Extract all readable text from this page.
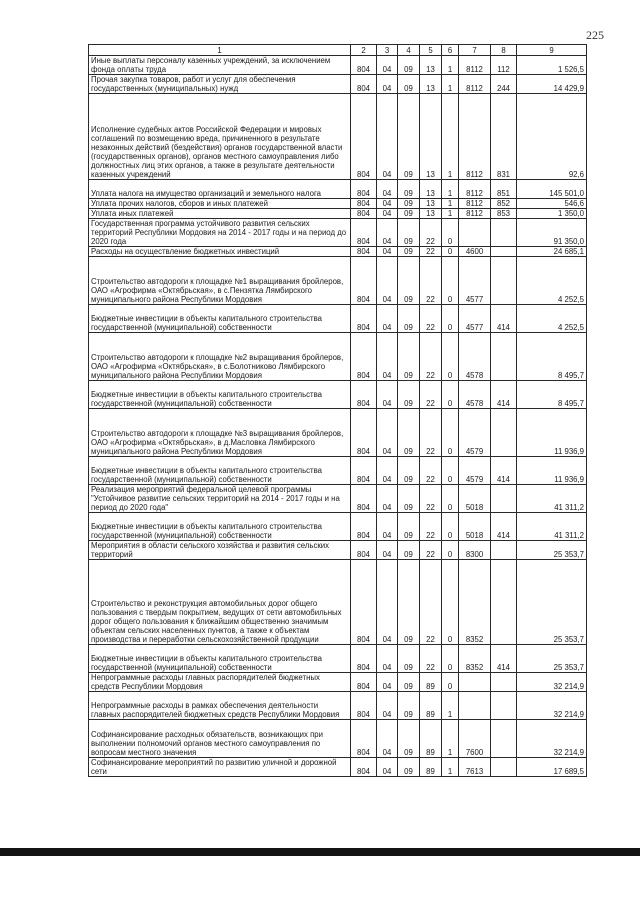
225
1	2	3	4	5	6	7	8	9
Иные выплаты персоналу казенных учреждений, за исключением фонда оплаты труда	804	04	09	13	1	8112	112	1 526,5
Прочая закупка товаров, работ и услуг для обеспечения государственных (муниципальных) нужд	804	04	09	13	1	8112	244	14 429,9
Исполнение судебных актов Российской Федерации и мировых соглашений по возмещению вреда, причиненного в результате незаконных действий (бездействия) органов государственной власти (государственных органов), органов местного самоуправления либо должностных лиц этих органов, а также в результате деятельности казенных учреждений	804	04	09	13	1	8112	831	92,6
Уплата налога на имущество организаций и земельного налога	804	04	09	13	1	8112	851	145 501,0
Уплата прочих налогов, сборов и иных платежей	804	04	09	13	1	8112	852	546,6
Уплата иных платежей	804	04	09	13	1	8112	853	1 350,0
Государственная программа устойчивого развития сельских территорий Республики Мордовия на 2014 - 2017 годы и на период до 2020 года	804	04	09	22	0			91 350,0
Расходы на осуществление бюджетных инвестиций	804	04	09	22	0	4600		24 685,1
Строительство автодороги к площадке №1 выращивания бройлеров, ОАО «Агрофирма «Октябрьская», в с.Пензятка Лямбирского муниципального района Республики Мордовия	804	04	09	22	0	4577		4 252,5
Бюджетные инвестиции в объекты капитального строительства государственной (муниципальной) собственности	804	04	09	22	0	4577	414	4 252,5
Строительство автодороги к площадке №2 выращивания бройлеров, ОАО «Агрофирма «Октябрьская», в с.Болотниково Лямбирского муниципального района Республики Мордовия	804	04	09	22	0	4578		8 495,7
Бюджетные инвестиции в объекты капитального строительства государственной (муниципальной) собственности	804	04	09	22	0	4578	414	8 495,7
Строительство автодороги к площадке №3 выращивания бройлеров, ОАО «Агрофирма «Октябрьская», в д.Масловка Лямбирского муниципального района Республики Мордовия	804	04	09	22	0	4579		11 936,9
Бюджетные инвестиции в объекты капитального строительства государственной (муниципальной) собственности	804	04	09	22	0	4579	414	11 936,9
Реализация мероприятий федеральной целевой программы "Устойчивое развитие сельских территорий на 2014 - 2017 годы и на период до 2020 года"	804	04	09	22	0	5018		41 311,2
Бюджетные инвестиции в объекты капитального строительства государственной (муниципальной) собственности	804	04	09	22	0	5018	414	41 311,2
Мероприятия в области сельского хозяйства и развития сельских территорий	804	04	09	22	0	8300		25 353,7
Строительство и реконструкция автомобильных дорог общего пользования с твердым покрытием, ведущих от сети автомобильных дорог общего пользования к ближайшим общественно значимым объектам сельских населенных пунктов, а также к объектам производства и переработки сельскохозяйственной продукции	804	04	09	22	0	8352		25 353,7
Бюджетные инвестиции в объекты капитального строительства государственной (муниципальной) собственности	804	04	09	22	0	8352	414	25 353,7
Непрограммные расходы главных распорядителей бюджетных средств Республики Мордовия	804	04	09	89	0			32 214,9
Непрограммные расходы в рамках обеспечения деятельности главных распорядителей бюджетных средств Республики Мордовия	804	04	09	89	1			32 214,9
Софинансирование расходных обязательств, возникающих при выполнении полномочий органов местного самоуправления по вопросам местного значения	804	04	09	89	1	7600		32 214,9
Софинансирование мероприятий по развитию уличной и дорожной сети	804	04	09	89	1	7613		17 689,5
